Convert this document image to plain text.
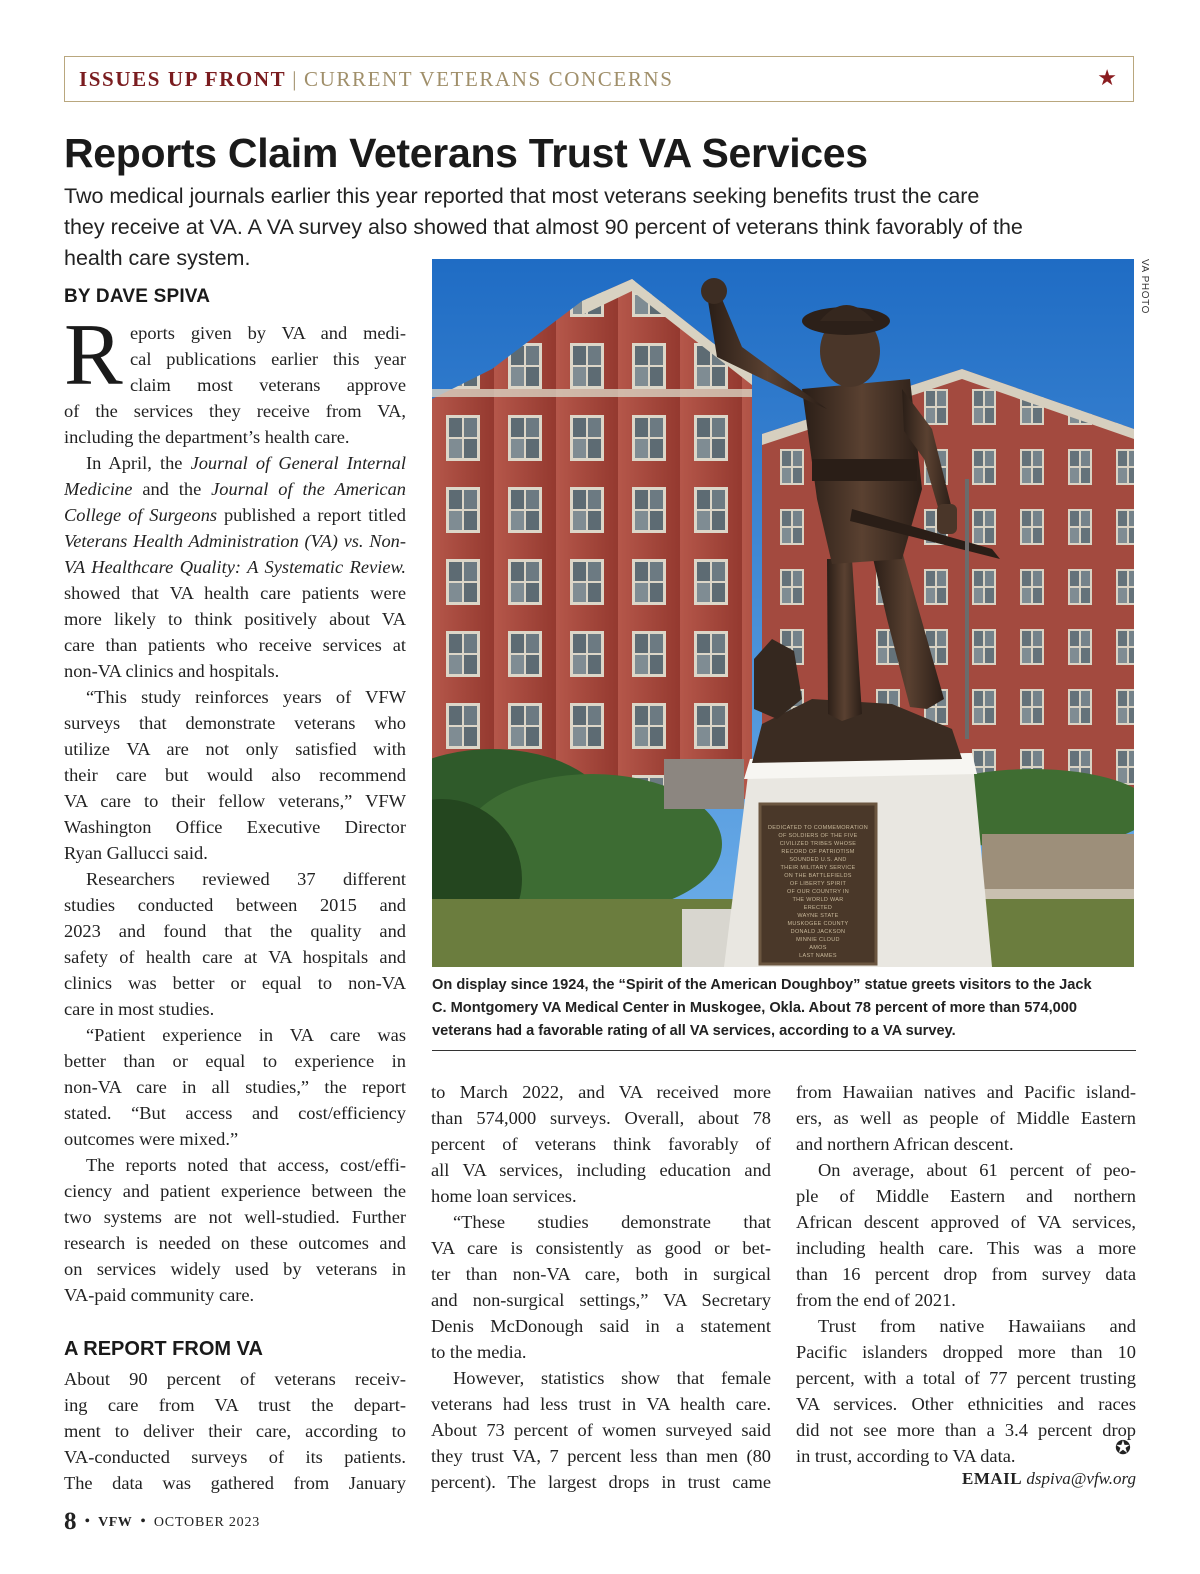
ISSUES UP FRONT | CURRENT VETERANS CONCERNS	★
Reports Claim Veterans Trust VA Services

Two medical journals earlier this year reported that most veterans seeking benefits trust the care
they receive at VA. A VA survey also showed that almost 90 percent of veterans think favorably of the
health care system.

BY DAVE SPIVA
DEDICATED TO COMMEMORATION OF SOLDIERS OF THE FIVE CIVILIZED TRIBES WHOSE RECORD OF PATRIOTISM SOUNDED U.S. AND THEIR MILITARY SERVICE ON THE BATTLEFIELDS OF LIBERTY SPIRIT OF OUR COUNTRY IN THE WORLD WAR ERECTED WAYNE STATE MUSKOGEE COUNTY DONALD JACKSON MINNIE CLOUD AMOS LAST NAMES
VA PHOTO
On display since 1924, the “Spirit of the American Doughboy” statue greets visitors to the Jack
C. Montgomery VA Medical Center in Muskogee, Okla. About 78 percent of more than 574,000
veterans had a favorable rating of all VA services, according to a VA survey.
R eports given by VA and medi-
cal publications earlier this year
claim most veterans approve
of the services they receive from VA,
including the department’s health care.
In April, the Journal of General Internal
Medicine and the Journal of the American
College of Surgeons published a report titled
Veterans Health Administration (VA) vs. Non-
VA Healthcare Quality: A Systematic Review.
showed that VA health care patients were
more likely to think positively about VA
care than patients who receive services at
non-VA clinics and hospitals.
“This study reinforces years of VFW
surveys that demonstrate veterans who
utilize VA are not only satisfied with
their care but would also recommend
VA care to their fellow veterans,” VFW
Washington Office Executive Director
Ryan Gallucci said.
Researchers reviewed 37 different
studies conducted between 2015 and
2023 and found that the quality and
safety of health care at VA hospitals and
clinics was better or equal to non-VA
care in most studies.
“Patient experience in VA care was
better than or equal to experience in
non-VA care in all studies,” the report
stated. “But access and cost/efficiency
outcomes were mixed.”
The reports noted that access, cost/effi-
ciency and patient experience between the
two systems are not well-studied. Further
research is needed on these outcomes and
on services widely used by veterans in
VA-paid community care.
A REPORT FROM VA
About 90 percent of veterans receiv-
ing care from VA trust the depart-
ment to deliver their care, according to
VA-conducted surveys of its patients.
The data was gathered from January
to March 2022, and VA received more
than 574,000 surveys. Overall, about 78
percent of veterans think favorably of
all VA services, including education and
home loan services.
“These studies demonstrate that
VA care is consistently as good or bet-
ter than non-VA care, both in surgical
and non-surgical settings,” VA Secretary
Denis McDonough said in a statement
to the media.
However, statistics show that female
veterans had less trust in VA health care.
About 73 percent of women surveyed said
they trust VA, 7 percent less than men (80
percent). The largest drops in trust came
from Hawaiian natives and Pacific island-
ers, as well as people of Middle Eastern
and northern African descent.
On average, about 61 percent of peo-
ple of Middle Eastern and northern
African descent approved of VA services,
including health care. This was a more
than 16 percent drop from survey data
from the end of 2021.
Trust from native Hawaiians and
Pacific islanders dropped more than 10
percent, with a total of 77 percent trusting
VA services. Other ethnicities and races
did not see more than a 3.4 percent drop
in trust, according to VA data.	✪
EMAIL dspiva@vfw.org
8 • VFW • OCTOBER 2023
